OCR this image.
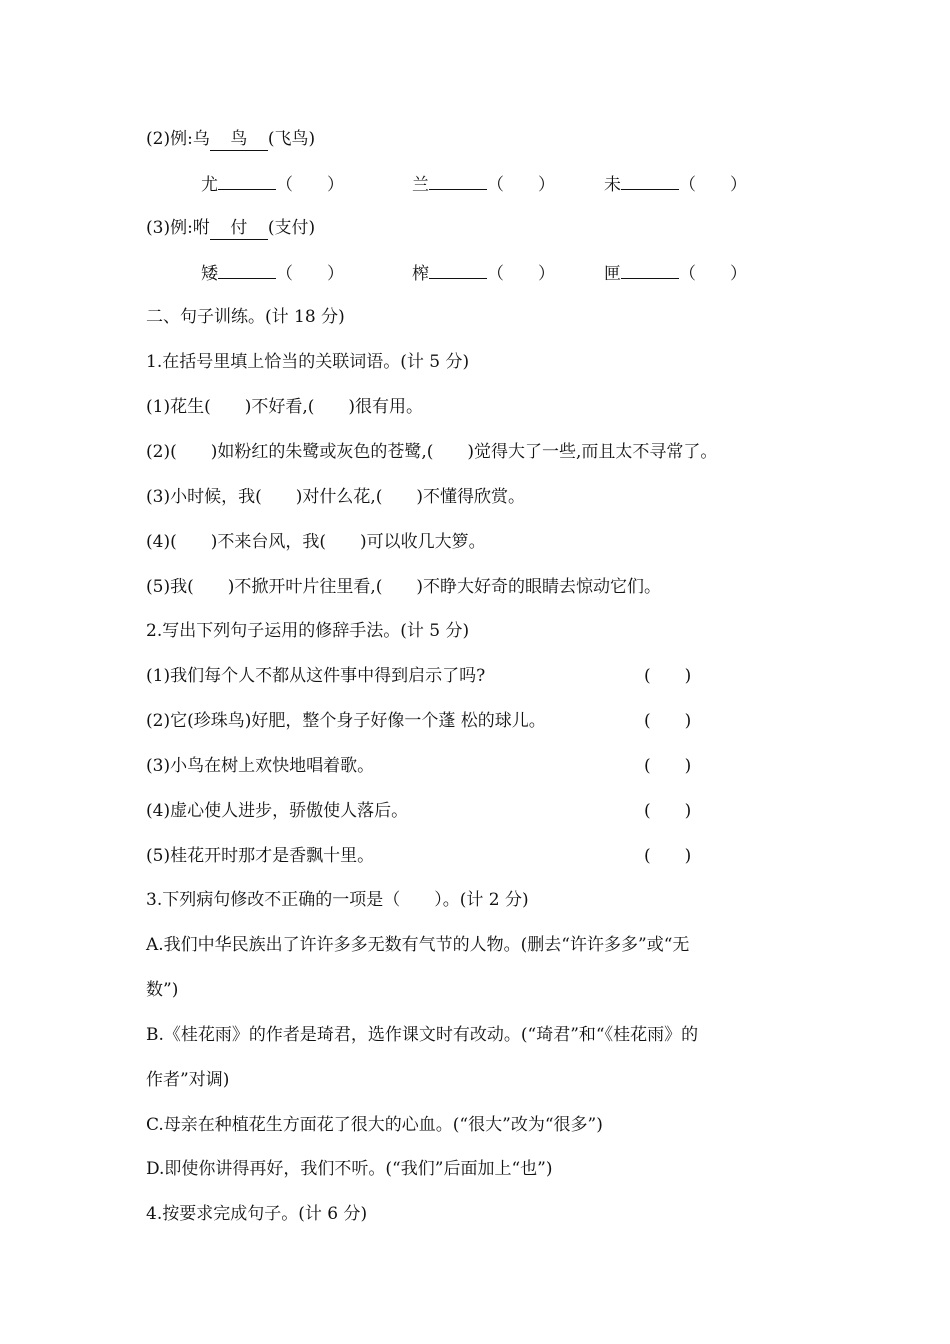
(2)例:乌 鸟 (飞鸟)
尤	（　　）	兰	（　　）	未	（　　）
(3)例:咐 付 (支付)
矮	（　　）	榨	（　　）	匣	（　　）
二、句子训练。(计 18 分)
1.在括号里填上恰当的关联词语。(计 5 分)
(1)花生(　　)不好看,(　　)很有用。
(2)(　　)如粉红的朱鹭或灰色的苍鹭,(　　)觉得大了一些,而且太不寻常了。
(3)小时候，我(　　)对什么花,(　　)不懂得欣赏。
(4)(　　)不来台风，我(　　)可以收几大箩。
(5)我(　　)不掀开叶片往里看,(　　)不睁大好奇的眼睛去惊动它们。
2.写出下列句子运用的修辞手法。(计 5 分)
(1)我们每个人不都从这件事中得到启示了吗?	(　　)
(2)它(珍珠鸟)好肥，整个身子好像一个蓬 松的球儿。	(　　)
(3)小鸟在树上欢快地唱着歌。	(　　)
(4)虚心使人进步，骄傲使人落后。	(　　)
(5)桂花开时那才是香飘十里。	(　　)
3.下列病句修改不正确的一项是（　　）。(计 2 分)
A.我们中华民族出了许许多多无数有气节的人物。(删去“许许多多”或“无
数”)
B.《桂花雨》的作者是琦君，选作课文时有改动。(“琦君”和“《桂花雨》的
作者”对调)
C.母亲在种植花生方面花了很大的心血。(“很大”改为“很多”)
D.即使你讲得再好，我们不听。(“我们”后面加上“也”)
4.按要求完成句子。(计 6 分)
